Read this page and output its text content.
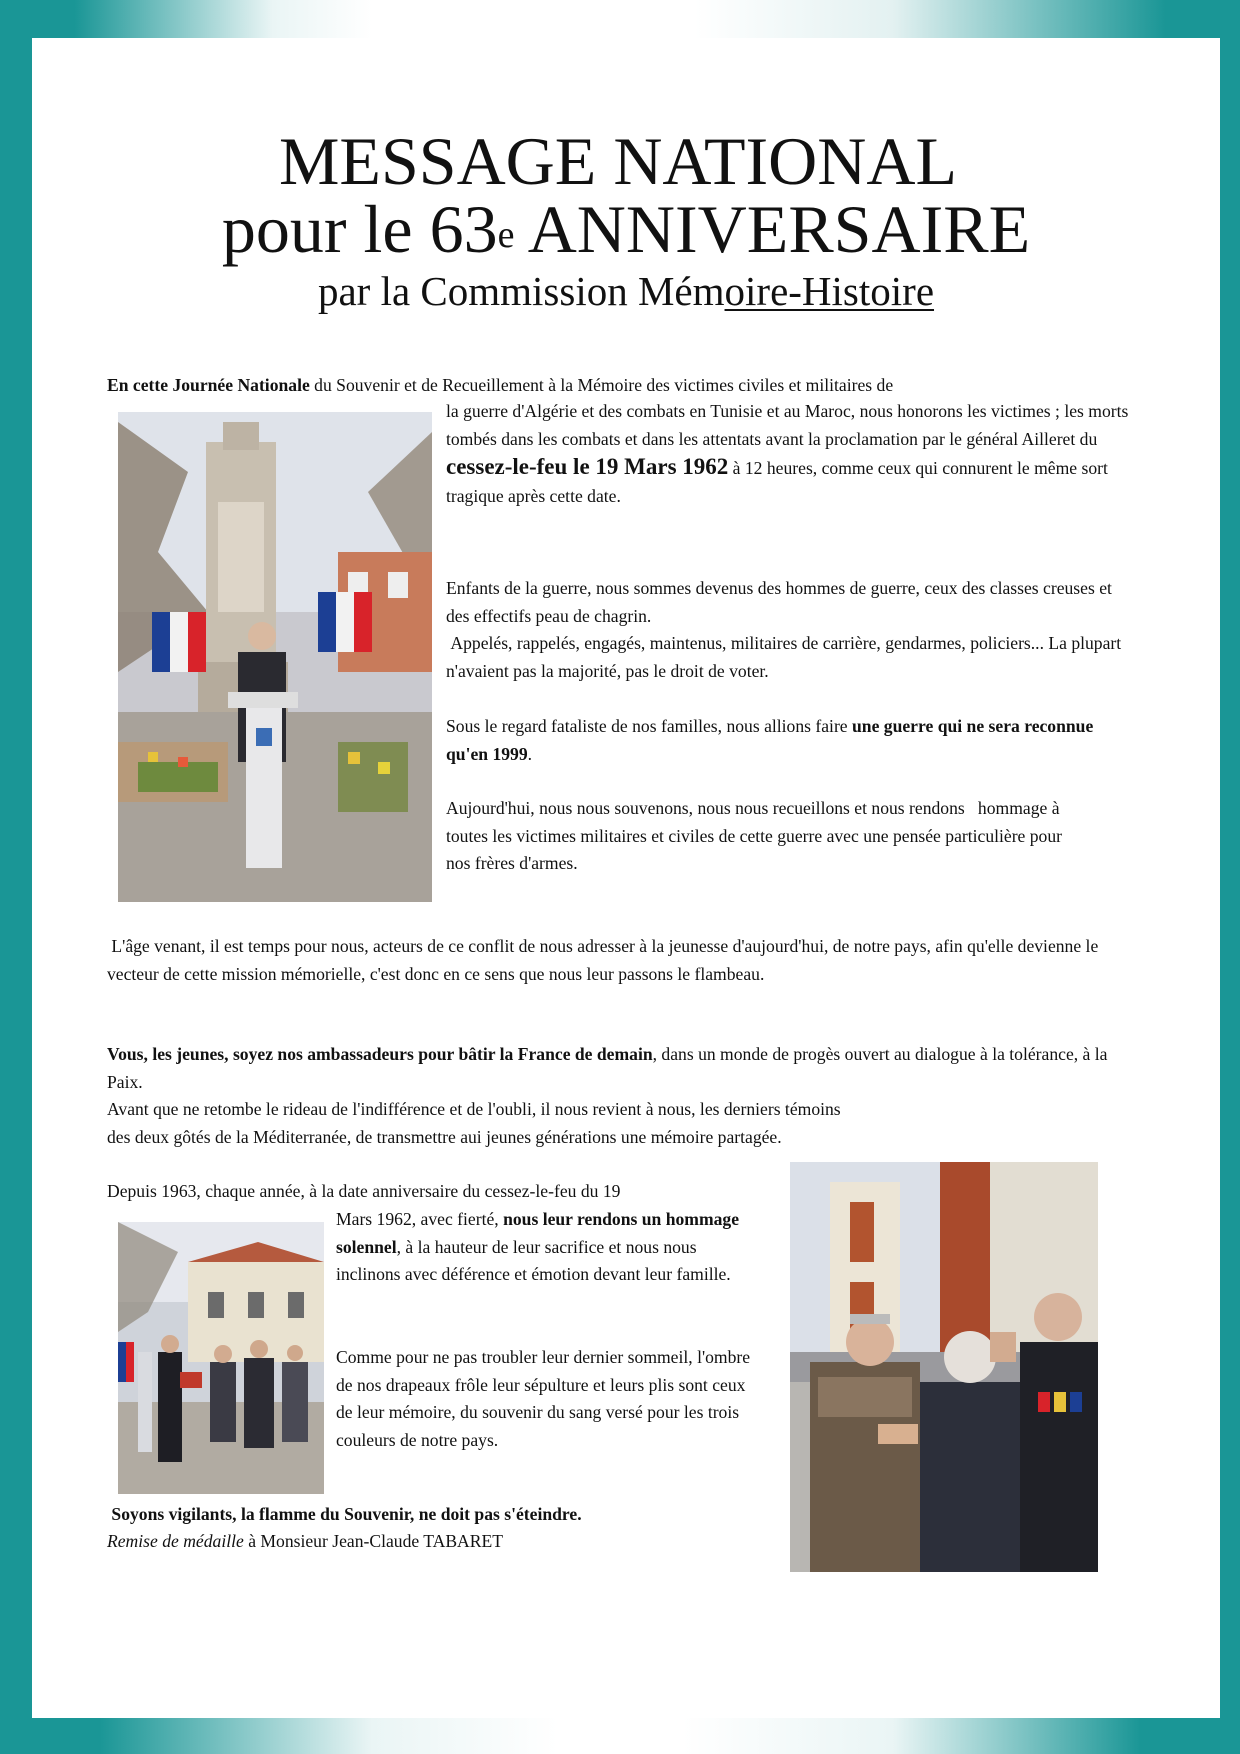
MESSAGE NATIONAL
pour le 63e ANNIVERSAIRE
par la Commission Mémoire-Histoire

En cette Journée Nationale du Souvenir et de Recueillement à la Mémoire des victimes civiles et militaires de

la guerre d'Algérie et des combats en Tunisie et au Maroc, nous honorons les victimes ; les morts tombés dans les combats et dans les attentats avant la proclamation par le général Ailleret du cessez-le-feu le 19 Mars 1962 à 12 heures, comme ceux qui connurent le même sort tragique après cette date.

Enfants de la guerre, nous sommes devenus des hommes de guerre, ceux des classes creuses et des effectifs peau de chagrin.
Appelés, rappelés, engagés, maintenus, militaires de carrière, gendarmes, policiers... La plupart n'avaient pas la majorité, pas le droit de voter.

Sous le regard fataliste de nos familles, nous allions faire une guerre qui ne sera reconnue qu'en 1999.

Aujourd'hui, nous nous souvenons, nous nous recueillons et nous rendons   hommage à toutes les victimes militaires et civiles de cette guerre avec une pensée particulière pour nos frères d'armes.

L'âge venant, il est temps pour nous, acteurs de ce conflit de nous adresser à la jeunesse d'aujourd'hui, de notre pays, afin qu'elle devienne le vecteur de cette mission mémorielle, c'est donc en ce sens que nous leur passons le flambeau.

Vous, les jeunes, soyez nos ambassadeurs pour bâtir la France de demain, dans un monde de progès ouvert au dialogue à la tolérance, à la Paix.

Avant que ne retombe le rideau de l'indifférence et de l'oubli, il nous revient à nous, les derniers témoins
des deux gôtés de la Méditerranée, de transmettre aui jeunes générations une mémoire partagée.

Depuis 1963, chaque année, à la date anniversaire du cessez-le-feu du 19

Mars 1962, avec fierté, nous leur rendons un hommage solennel, à la hauteur de leur sacrifice et nous nous inclinons avec déférence et émotion devant leur famille.

Comme pour ne pas troubler leur dernier sommeil, l'ombre de nos drapeaux frôle leur sépulture et leurs plis sont ceux de leur mémoire, du souvenir du sang versé pour les trois couleurs de notre pays.

Soyons vigilants, la flamme du Souvenir, ne doit pas s'éteindre.

Remise de médaille à Monsieur Jean-Claude TABARET
